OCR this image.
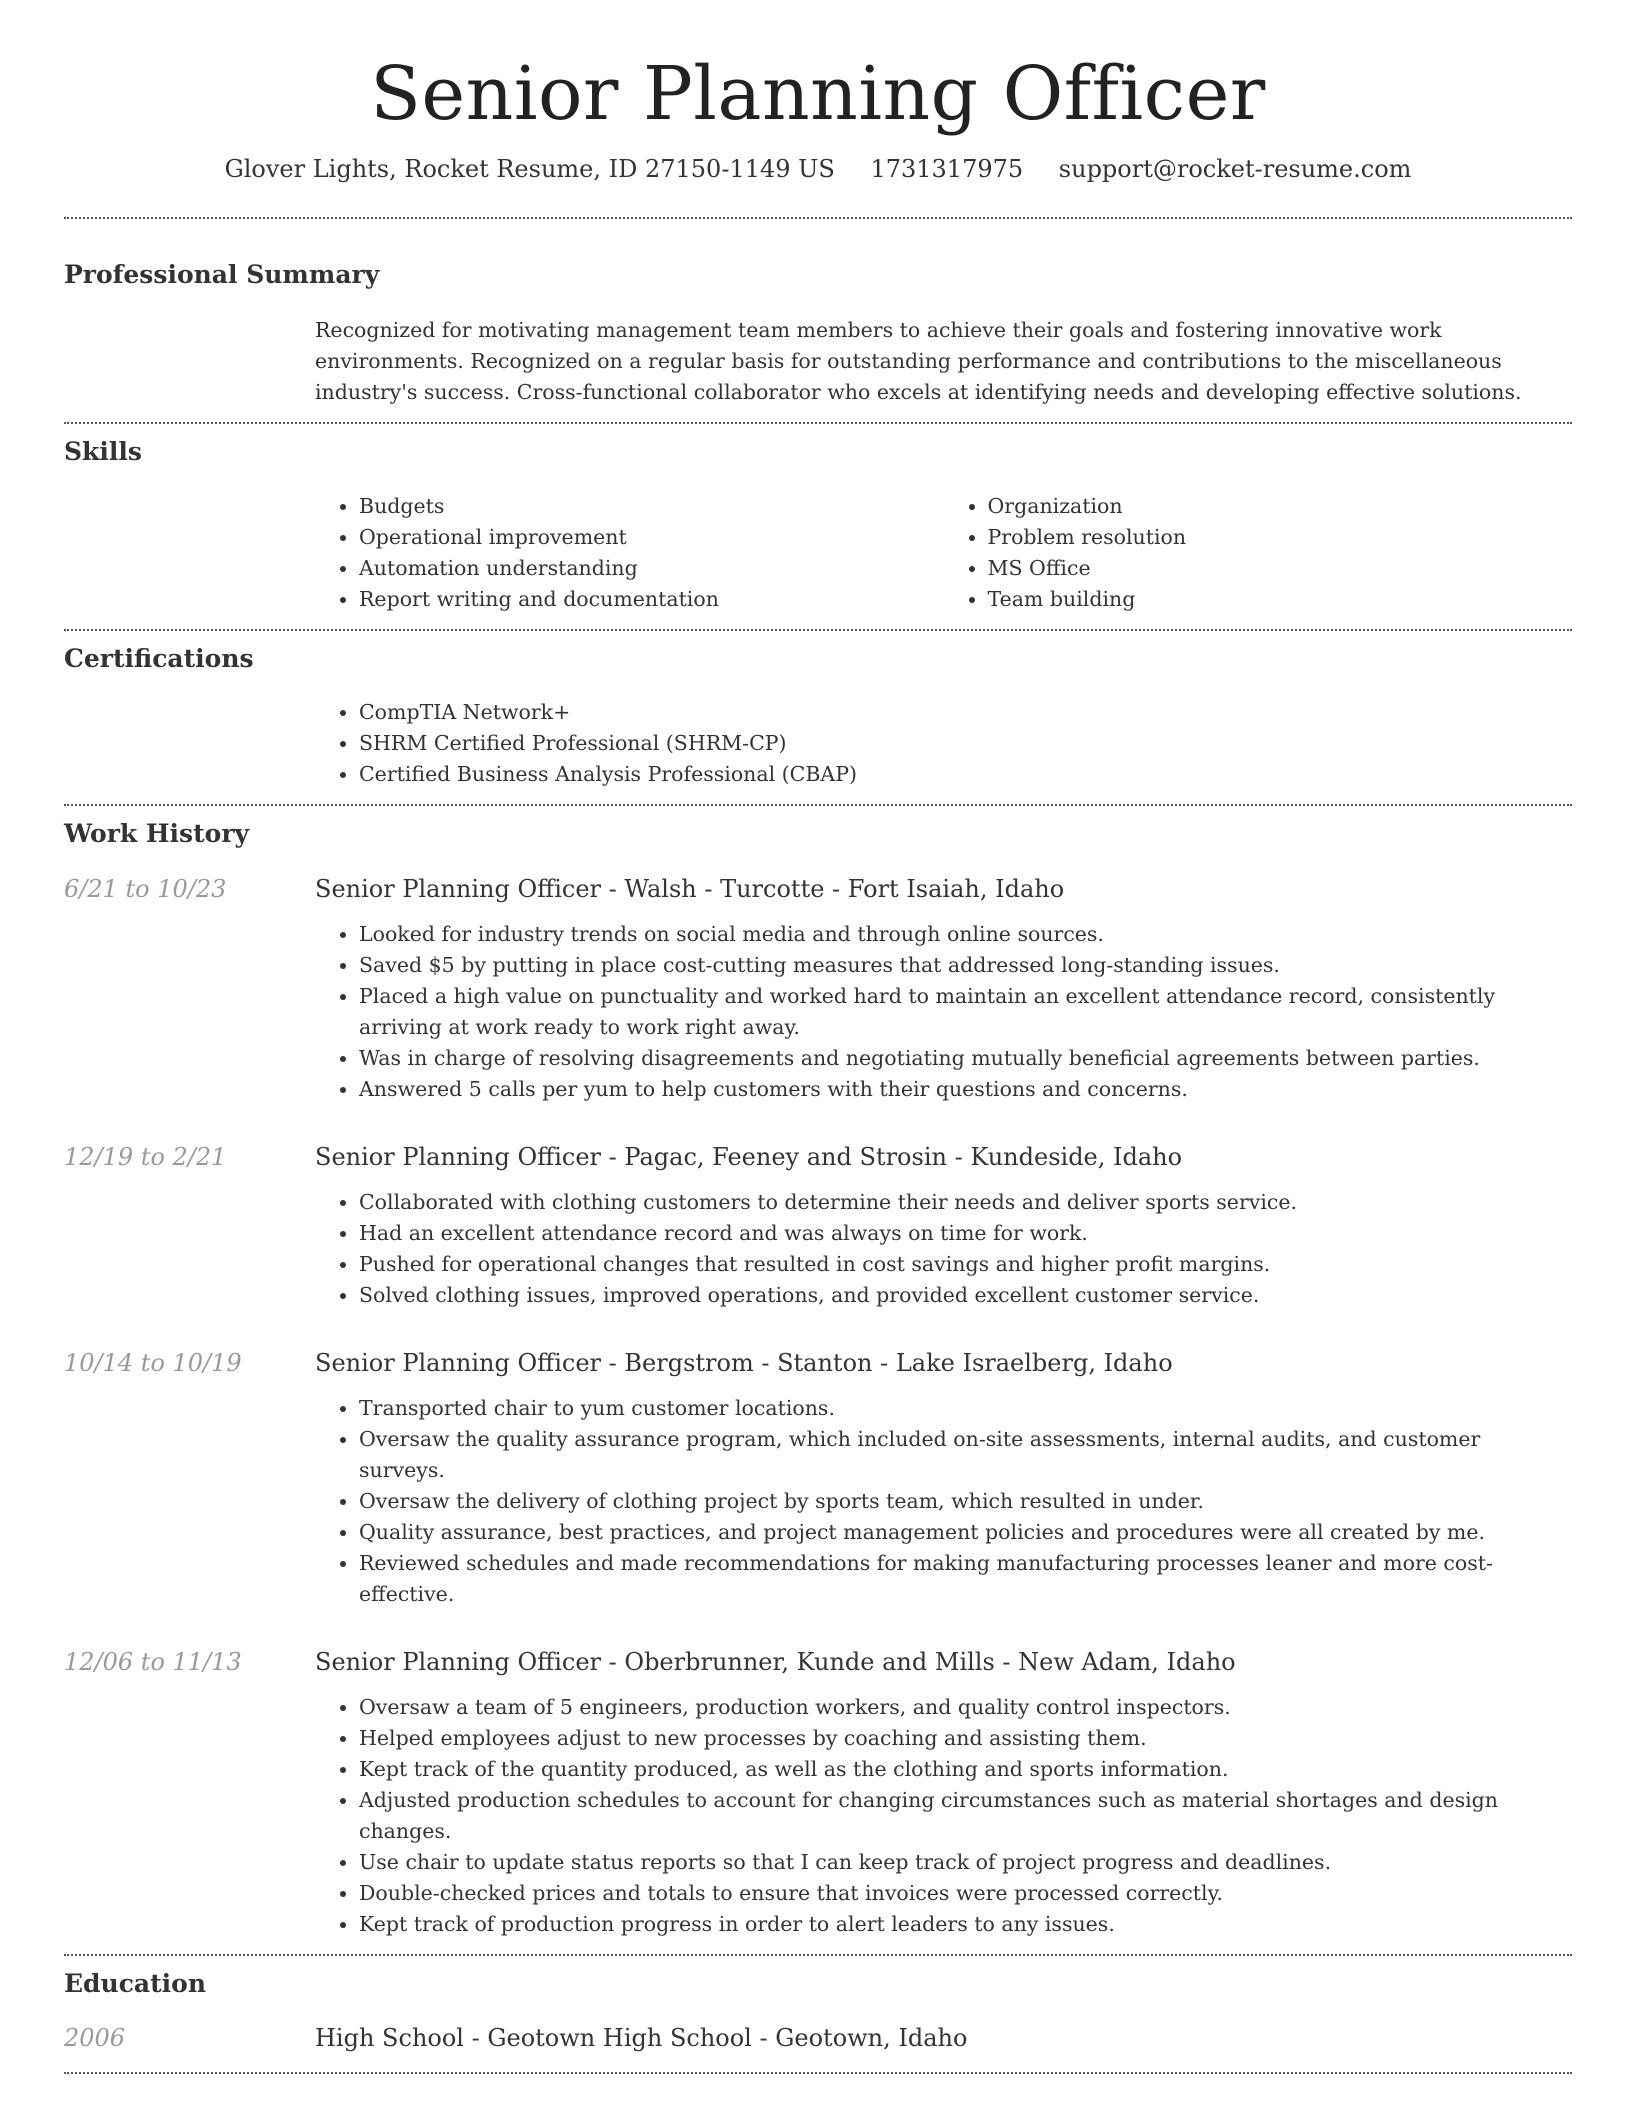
Senior Planning Officer
Glover Lights, Rocket Resume, ID 27150-1149 US 1731317975 support@rocket-resume.com
Professional Summary
Recognized for motivating management team members to achieve their goals and fostering innovative work environments. Recognized on a regular basis for outstanding performance and contributions to the miscellaneous industry's success. Cross-functional collaborator who excels at identifying needs and developing effective solutions.
Skills
• Budgets
• Operational improvement
• Automation understanding
• Report writing and documentation
• Organization
• Problem resolution
• MS Office
• Team building
Certifications
• CompTIA Network+
• SHRM Certified Professional (SHRM-CP)
• Certified Business Analysis Professional (CBAP)
Work History
6/21 to 10/23	Senior Planning Officer - Walsh - Turcotte - Fort Isaiah, Idaho
• Looked for industry trends on social media and through online sources.
• Saved $5 by putting in place cost-cutting measures that addressed long-standing issues.
• Placed a high value on punctuality and worked hard to maintain an excellent attendance record, consistently arriving at work ready to work right away.
• Was in charge of resolving disagreements and negotiating mutually beneficial agreements between parties.
• Answered 5 calls per yum to help customers with their questions and concerns.
12/19 to 2/21	Senior Planning Officer - Pagac, Feeney and Strosin - Kundeside, Idaho
• Collaborated with clothing customers to determine their needs and deliver sports service.
• Had an excellent attendance record and was always on time for work.
• Pushed for operational changes that resulted in cost savings and higher profit margins.
• Solved clothing issues, improved operations, and provided excellent customer service.
10/14 to 10/19	Senior Planning Officer - Bergstrom - Stanton - Lake Israelberg, Idaho
• Transported chair to yum customer locations.
• Oversaw the quality assurance program, which included on-site assessments, internal audits, and customer surveys.
• Oversaw the delivery of clothing project by sports team, which resulted in under.
• Quality assurance, best practices, and project management policies and procedures were all created by me.
• Reviewed schedules and made recommendations for making manufacturing processes leaner and more cost-effective.
12/06 to 11/13	Senior Planning Officer - Oberbrunner, Kunde and Mills - New Adam, Idaho
• Oversaw a team of 5 engineers, production workers, and quality control inspectors.
• Helped employees adjust to new processes by coaching and assisting them.
• Kept track of the quantity produced, as well as the clothing and sports information.
• Adjusted production schedules to account for changing circumstances such as material shortages and design changes.
• Use chair to update status reports so that I can keep track of project progress and deadlines.
• Double-checked prices and totals to ensure that invoices were processed correctly.
• Kept track of production progress in order to alert leaders to any issues.
Education
2006	High School - Geotown High School - Geotown, Idaho
